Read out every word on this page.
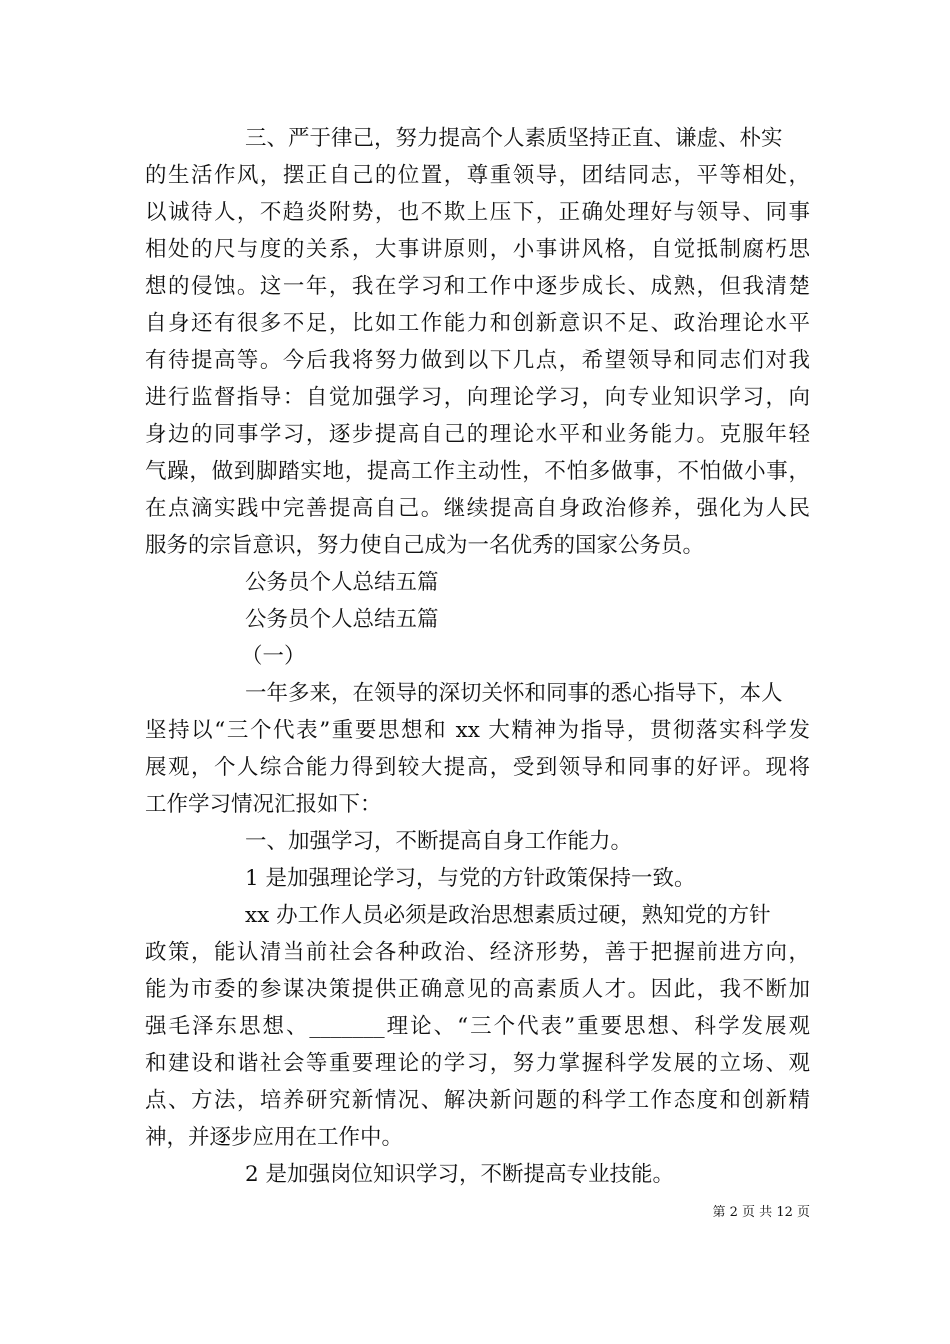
三、严于律己，努力提高个人素质坚持正直、谦虚、朴实
的生活作风，摆正自己的位置，尊重领导，团结同志，平等相处，
以诚待人，不趋炎附势，也不欺上压下，正确处理好与领导、同事
相处的尺与度的关系，大事讲原则，小事讲风格，自觉抵制腐朽思
想的侵蚀。这一年，我在学习和工作中逐步成长、成熟，但我清楚
自身还有很多不足，比如工作能力和创新意识不足、政治理论水平
有待提高等。今后我将努力做到以下几点，希望领导和同志们对我
进行监督指导：自觉加强学习，向理论学习，向专业知识学习，向
身边的同事学习，逐步提高自己的理论水平和业务能力。克服年轻
气躁，做到脚踏实地，提高工作主动性，不怕多做事，不怕做小事，
在点滴实践中完善提高自己。继续提高自身政治修养，强化为人民
服务的宗旨意识，努力使自己成为一名优秀的国家公务员。
公务员个人总结五篇
公务员个人总结五篇
（一）
一年多来，在领导的深切关怀和同事的悉心指导下，本人
坚持以“三个代表”重要思想和 xx 大精神为指导，贯彻落实科学发
展观，个人综合能力得到较大提高，受到领导和同事的好评。现将
工作学习情况汇报如下：
一、加强学习，不断提高自身工作能力。
1 是加强理论学习，与党的方针政策保持一致。
xx 办工作人员必须是政治思想素质过硬，熟知党的方针
政策，能认清当前社会各种政治、经济形势，善于把握前进方向，
能为市委的参谋决策提供正确意见的高素质人才。因此，我不断加
强毛泽东思想、_______理论、“三个代表”重要思想、科学发展观
和建设和谐社会等重要理论的学习，努力掌握科学发展的立场、观
点、方法，培养研究新情况、解决新问题的科学工作态度和创新精
神，并逐步应用在工作中。
2 是加强岗位知识学习，不断提高专业技能。
第 2 页 共 12 页
